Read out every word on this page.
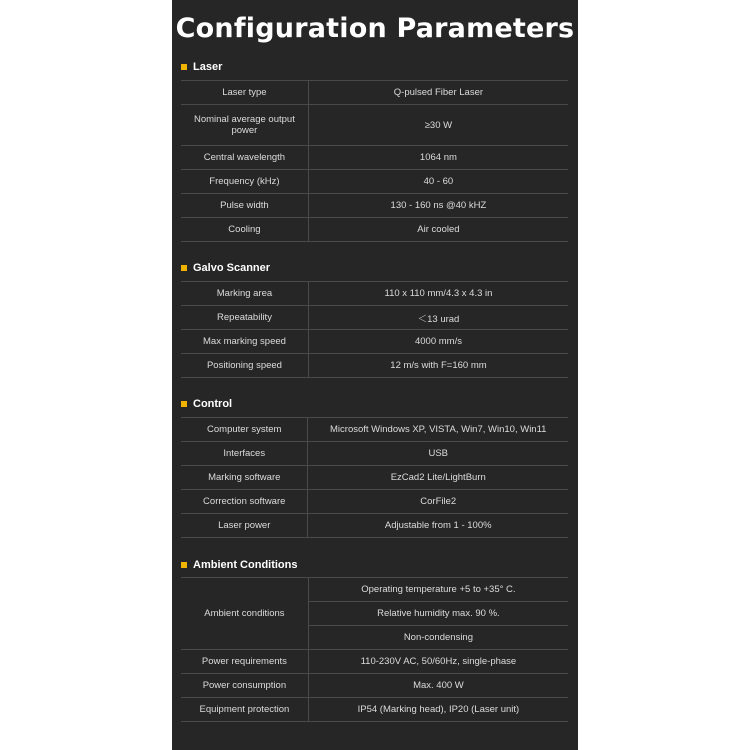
Configuration Parameters
Laser
Laser type	Q-pulsed Fiber Laser
Nominal average output power	≥30 W
Central wavelength	1064 nm
Frequency (kHz)	40 - 60
Pulse width	130 - 160 ns @40 kHZ
Cooling	Air cooled
Galvo Scanner
Marking area	110 x 110 mm/4.3 x 4.3 in
Repeatability	＜13 urad
Max marking speed	4000 mm/s
Positioning speed	12 m/s with F=160 mm
Control
Computer system	Microsoft Windows XP, VISTA, Win7, Win10, Win11
Interfaces	USB
Marking software	EzCad2 Lite/LightBurn
Correction software	CorFile2
Laser power	Adjustable from 1 - 100%
Ambient Conditions
Ambient conditions	Operating temperature +5 to +35° C.
	Relative humidity max. 90 %.
	Non-condensing
Power requirements	110-230V AC, 50/60Hz, single-phase
Power consumption	Max. 400 W
Equipment protection	IP54 (Marking head), IP20 (Laser unit)
